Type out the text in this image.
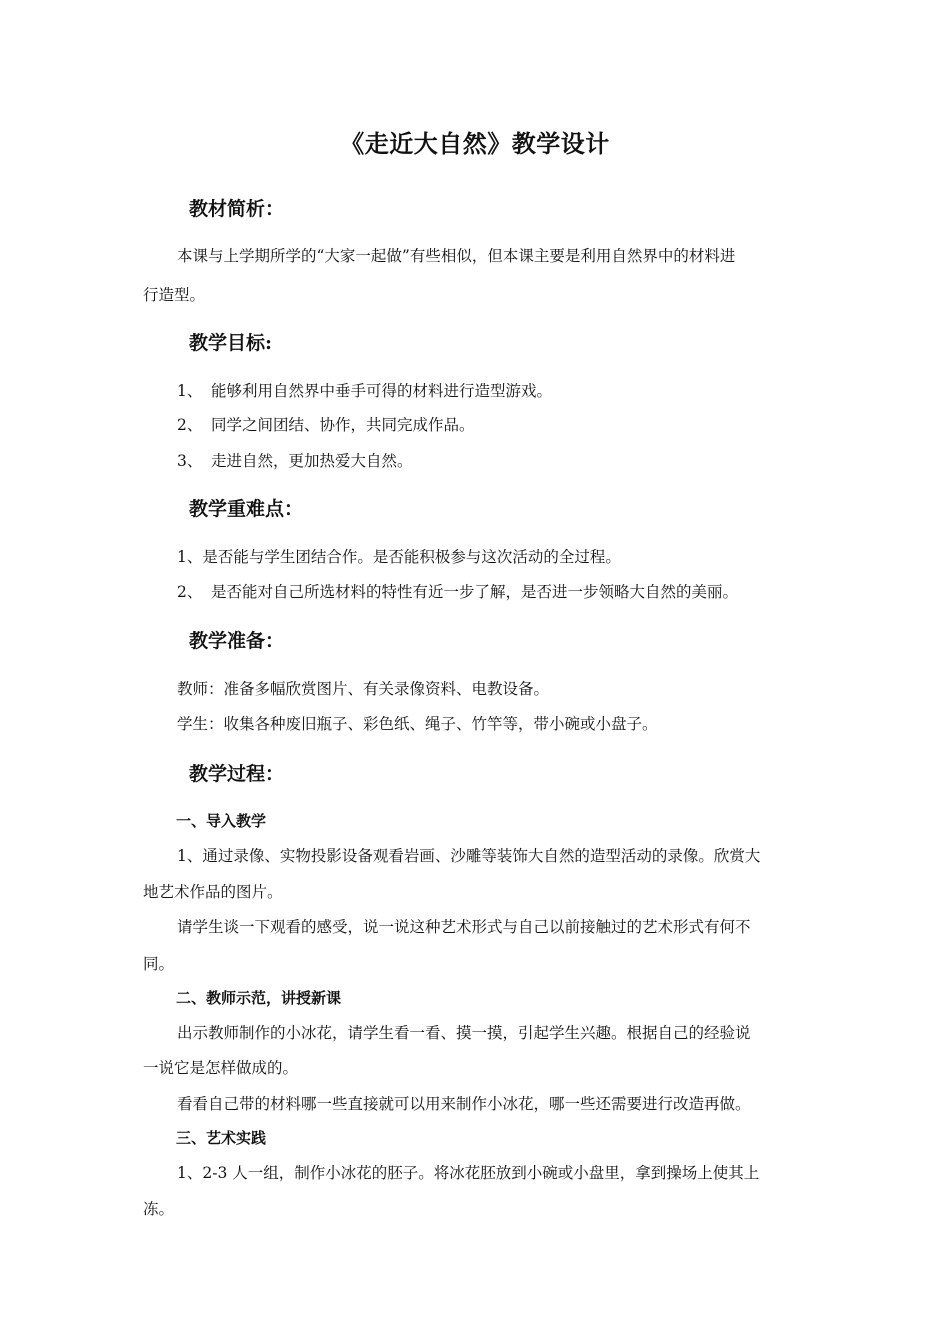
《走近大自然》教学设计
教材简析：

本课与上学期所学的“大家一起做”有些相似，但本课主要是利用自然界中的材料进

行造型。

教学目标:

1、 能够利用自然界中垂手可得的材料进行造型游戏。

2、 同学之间团结、协作，共同完成作品。

3、 走进自然，更加热爱大自然。

教学重难点：

1、是否能与学生团结合作。是否能积极参与这次活动的全过程。

2、 是否能对自己所选材料的特性有近一步了解，是否进一步领略大自然的美丽。

教学准备：

教师：准备多幅欣赏图片、有关录像资料、电教设备。

学生：收集各种废旧瓶子、彩色纸、绳子、竹竿等，带小碗或小盘子。

教学过程：

一、导入教学

1、通过录像、实物投影设备观看岩画、沙雕等装饰大自然的造型活动的录像。欣赏大

地艺术作品的图片。

请学生谈一下观看的感受，说一说这种艺术形式与自己以前接触过的艺术形式有何不

同。

二、教师示范，讲授新课

出示教师制作的小冰花，请学生看一看、摸一摸，引起学生兴趣。根据自己的经验说

一说它是怎样做成的。

看看自己带的材料哪一些直接就可以用来制作小冰花，哪一些还需要进行改造再做。

三、艺术实践

1、2-3 人一组，制作小冰花的胚子。将冰花胚放到小碗或小盘里，拿到操场上使其上

冻。
